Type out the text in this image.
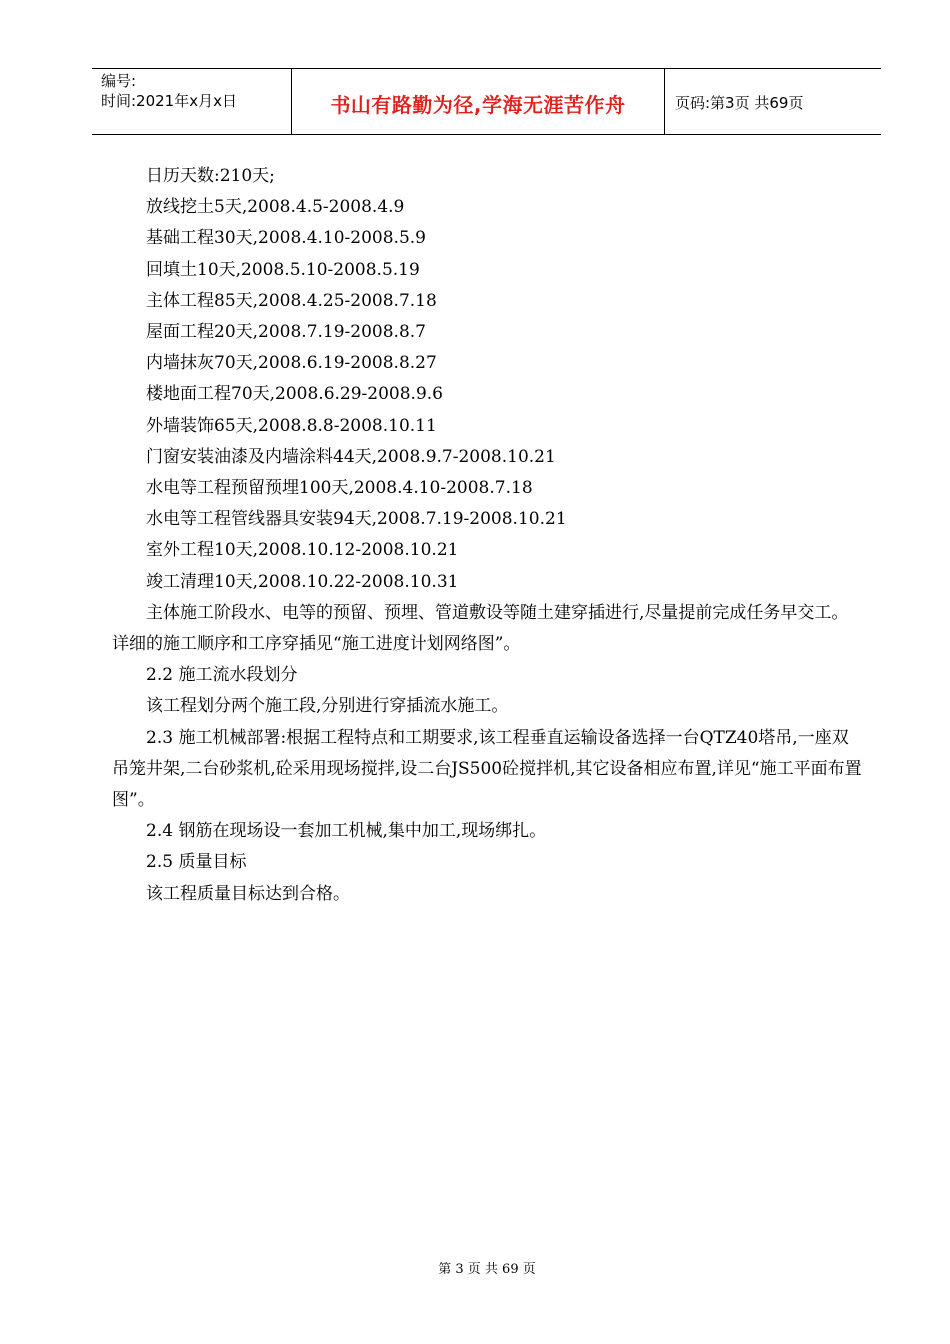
编号:
时间:2021年x月x日	书山有路勤为径,学海无涯苦作舟	页码:第3页 共69页

日历天数:210天;

放线挖土5天,2008.4.5-2008.4.9

基础工程30天,2008.4.10-2008.5.9

回填土10天,2008.5.10-2008.5.19

主体工程85天,2008.4.25-2008.7.18

屋面工程20天,2008.7.19-2008.8.7

内墙抹灰70天,2008.6.19-2008.8.27

楼地面工程70天,2008.6.29-2008.9.6

外墙装饰65天,2008.8.8-2008.10.11

门窗安装油漆及内墙涂料44天,2008.9.7-2008.10.21

水电等工程预留预埋100天,2008.4.10-2008.7.18

水电等工程管线器具安装94天,2008.7.19-2008.10.21

室外工程10天,2008.10.12-2008.10.21

竣工清理10天,2008.10.22-2008.10.31

主体施工阶段水、电等的预留、预埋、管道敷设等随土建穿插进行,尽量提前完成任务早交工。详细的施工顺序和工序穿插见“施工进度计划网络图”。

2.2 施工流水段划分

该工程划分两个施工段,分别进行穿插流水施工。

2.3 施工机械部署:根据工程特点和工期要求,该工程垂直运输设备选择一台QTZ40塔吊,一座双吊笼井架,二台砂浆机,砼采用现场搅拌,设二台JS500砼搅拌机,其它设备相应布置,详见“施工平面布置图”。

2.4 钢筋在现场设一套加工机械,集中加工,现场绑扎。

2.5 质量目标

该工程质量目标达到合格。

第 3 页 共 69 页
